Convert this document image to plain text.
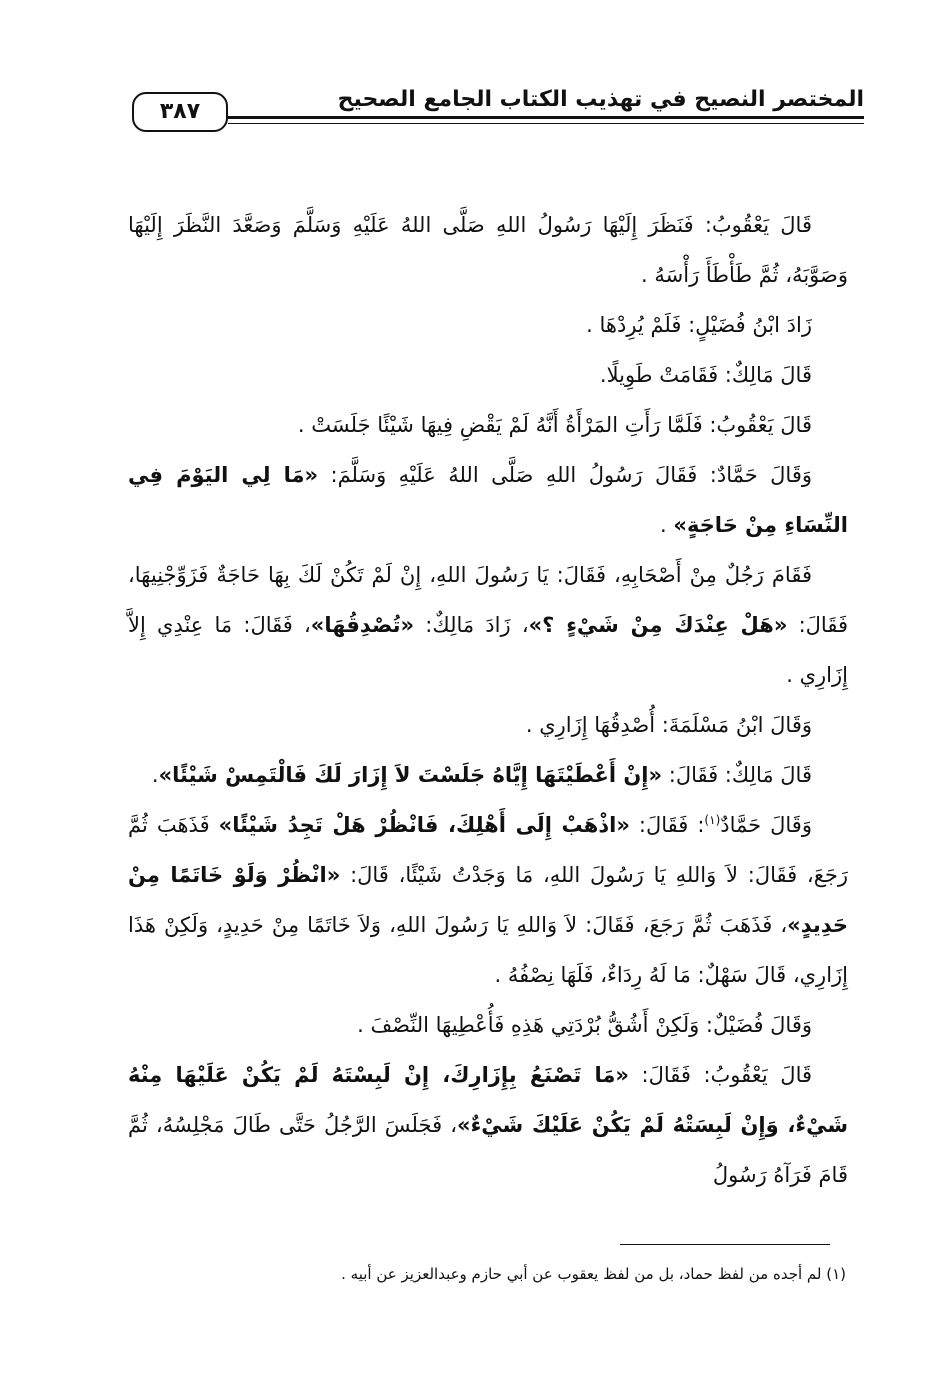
المختصر النصيح في تهذيب الكتاب الجامع الصحيح
٣٨٧

قَالَ يَعْقُوبُ: فَنَظَرَ إِلَيْهَا رَسُولُ اللهِ صَلَّى اللهُ عَلَيْهِ وَسَلَّمَ وَصَعَّدَ النَّظَرَ إِلَيْهَا وَصَوَّبَهُ، ثُمَّ طَأْطَأَ رَأْسَهُ .

زَادَ ابْنُ فُضَيْلٍ: فَلَمْ يُرِدْهَا .

قَالَ مَالِكٌ: فَقَامَتْ طَوِيلًا.

قَالَ يَعْقُوبُ: فَلَمَّا رَأَتِ المَرْأَةُ أَنَّهُ لَمْ يَقْضِ فِيهَا شَيْئًا جَلَسَتْ .

وَقَالَ حَمَّادٌ: فَقَالَ رَسُولُ اللهِ صَلَّى اللهُ عَلَيْهِ وَسَلَّمَ: «مَا لِي اليَوْمَ فِي النِّسَاءِ مِنْ حَاجَةٍ» .

فَقَامَ رَجُلٌ مِنْ أَصْحَابِهِ، فَقَالَ: يَا رَسُولَ اللهِ، إِنْ لَمْ تَكُنْ لَكَ بِهَا حَاجَةٌ فَزَوِّجْنِيهَا، فَقَالَ: «هَلْ عِنْدَكَ مِنْ شَيْءٍ ؟»، زَادَ مَالِكٌ: «تُصْدِقُهَا»، فَقَالَ: مَا عِنْدِي إِلاَّ إِزَارِي .

وَقَالَ ابْنُ مَسْلَمَةَ: أُصْدِقُهَا إِزَارِي .

قَالَ مَالِكٌ: فَقَالَ: «إِنْ أَعْطَيْتَهَا إِيَّاهُ جَلَسْتَ لاَ إِزَارَ لَكَ فَالْتَمِسْ شَيْئًا».

وَقَالَ حَمَّادٌ$^{(١)}$: فَقَالَ: «اذْهَبْ إِلَى أَهْلِكَ، فَانْظُرْ هَلْ تَجِدُ شَيْئًا» فَذَهَبَ ثُمَّ رَجَعَ، فَقَالَ: لاَ وَاللهِ يَا رَسُولَ اللهِ، مَا وَجَدْتُ شَيْئًا، قَالَ: «انْظُرْ وَلَوْ خَاتَمًا مِنْ حَدِيدٍ»، فَذَهَبَ ثُمَّ رَجَعَ، فَقَالَ: لاَ وَاللهِ يَا رَسُولَ اللهِ، وَلاَ خَاتَمًا مِنْ حَدِيدٍ، وَلَكِنْ هَذَا إِزَارِي، قَالَ سَهْلٌ: مَا لَهُ رِدَاءٌ، فَلَهَا نِصْفُهُ .

وَقَالَ فُضَيْلٌ: وَلَكِنْ أَشُقُّ بُرْدَتِي هَذِهِ فَأُعْطِيهَا النِّصْفَ .

قَالَ يَعْقُوبُ: فَقَالَ: «مَا تَصْنَعُ بِإِزَارِكَ، إِنْ لَبِسْتَهُ لَمْ يَكُنْ عَلَيْهَا مِنْهُ شَيْءٌ، وَإِنْ لَبِسَتْهُ لَمْ يَكُنْ عَلَيْكَ شَيْءٌ»، فَجَلَسَ الرَّجُلُ حَتَّى طَالَ مَجْلِسُهُ، ثُمَّ قَامَ فَرَآهُ رَسُولُ

(١) لم أجده من لفظ حماد، بل من لفظ يعقوب عن أبي حازم وعبدالعزيز عن أبيه .
